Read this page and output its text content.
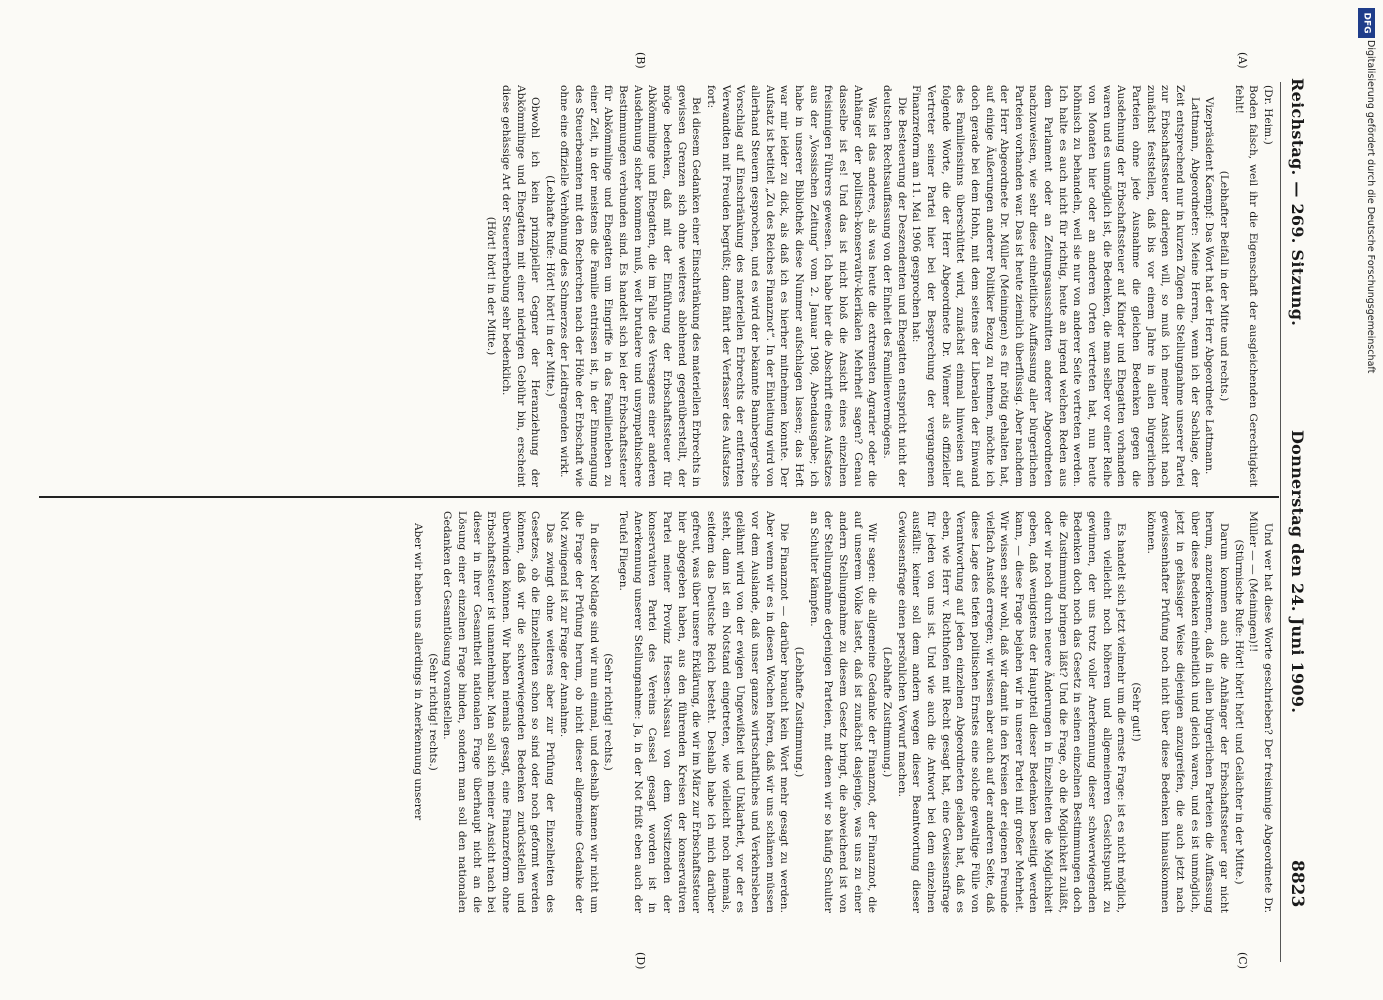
Reichstag. — 269. Sitzung.
Donnerstag den 24. Juni 1909.
8823
(A)
(B)
(C)
(D)

(Dr. Heim.)

Boden falsch, weil ihr die Eigenschaft der ausgleichenden Gerechtigkeit fehlt!

(Lebhafter Beifall in der Mitte und rechts.)

Vizepräsident Kaempf: Das Wort hat der Herr Abgeordnete Lattmann.

Lattmann, Abgeordneter: Meine Herren, wenn ich der Sachlage, der Zeit entsprechend nur in kurzen Zügen die Stellungnahme unserer Partei zur Erbschaftssteuer darlegen will, so muß ich meiner Ansicht nach zunächst feststellen, daß bis vor einem Jahre in allen bürgerlichen Parteien ohne jede Ausnahme die gleichen Bedenken gegen die Ausdehnung der Erbschaftssteuer auf Kinder und Ehegatten vorhanden waren und es unmöglich ist, die Bedenken, die man selber vor einer Reihe von Monaten hier oder an anderen Orten vertreten hat, nun heute höhnisch zu behandeln, weil sie nur von anderer Seite vertreten werden. Ich halte es auch nicht für richtig, heute an irgend welchen Reden aus dem Parlament oder an Zeitungsausschnitten anderer Abgeordneten nachzuweisen, wie sehr diese einheitliche Auffassung aller bürgerlichen Parteien vorhanden war. Das ist heute ziemlich überflüssig. Aber nachdem der Herr Abgeordnete Dr. Müller (Meiningen) es für nötig gehalten hat, auf einige Äußerungen anderer Politiker Bezug zu nehmen, möchte ich doch gerade bei dem Hohn, mit dem seitens der Liberalen der Einwand des Familiensinns überschüttet wird, zunächst einmal hinweisen auf folgende Worte, die der Herr Abgeordnete Dr. Wiemer als offizieller Vertreter seiner Partei hier bei der Besprechung der vergangenen Finanzreform am 11. Mai 1906 gesprochen hat:

Die Besteuerung der Deszendenten und Ehegatten entspricht nicht der deutschen Rechtsauffassung von der Einheit des Familienvermögens.

Was ist das anderes, als was heute die extremsten Agrarier oder die Anhänger der politisch-konservativ-klerikalen Mehrheit sagen? Genau dasselbe ist es! Und das ist nicht bloß die Ansicht eines einzelnen freisinnigen Führers gewesen. Ich habe hier die Abschrift eines Aufsatzes aus der „Vossischen Zeitung“ vom 2. Januar 1908, Abendausgabe; ich habe in unserer Bibliothek diese Nummer aufschlagen lassen; das Heft war mir leider zu dick, als daß ich es hierher mitnehmen konnte. Der Aufsatz ist betitelt „Zu des Reiches Finanznot“. In der Einleitung wird von allerhand Steuern gesprochen, und es wird der bekannte Bamberger'sche Vorschlag auf Einschränkung des materiellen Erbrechts der entfernten Verwandten mit Freuden begrüßt; dann fährt der Verfasser des Aufsatzes fort:

Bei diesem Gedanken einer Einschränkung des materiellen Erbrechts in gewissen Grenzen sich ohne weiteres ablehnend gegenüberstellt, der möge bedenken, daß mit der Einführung der Erbschaftssteuer für Abkömmlinge und Ehegatten, die im Falle des Versagens einer anderen Ausdehnung sicher kommen muß, weit brutalere und unsympathischere Bestimmungen verbunden sind. Es handelt sich bei der Erbschaftssteuer für Abkömmlinge und Ehegatten um Eingriffe in das Familienleben zu einer Zeit, in der meistens die Familie entrissen ist, in der Einmengung des Steuerbeamten mit den Recherchen nach der Höhe der Erbschaft wie ohne eine offizielle Verhöhnung des Schmerzes der Leidtragenden wirkt.

(Lebhafte Rufe: Hört! hört! in der Mitte.)

Obwohl ich kein prinzipieller Gegner der Heranziehung der Abkömmlinge und Ehegatten mit einer niedrigen Gebühr bin, erscheint diese gehässige Art der Steuererhebung sehr bedenklich.

(Hört! hört! in der Mitte.)

Und wer hat diese Worte geschrieben? Der freisinnige Abgeordnete Dr. Müller — — (Meiningen)!!

(Stürmische Rufe: Hört! hört! hört! und Gelächter in der Mitte.)

Darum kommen auch die Anhänger der Erbschaftssteuer gar nicht herum, anzuerkennen, daß in allen bürgerlichen Parteien die Auffassung über diese Bedenken einheitlich und gleich waren, und es ist unmöglich, jetzt in gehässiger Weise diejenigen anzugreifen, die auch jetzt nach gewissenhafter Prüfung noch nicht über diese Bedenken hinauskommen können.

(Sehr gut!)

Es handelt sich jetzt vielmehr um die ernste Frage: ist es nicht möglich, einen vielleicht noch höheren und allgemeineren Gesichtspunkt zu gewinnen, der uns trotz voller Anerkennung dieser schwerwiegenden Bedenken doch noch das Gesetz in seinen einzelnen Bestimmungen doch die Zustimmung bringen läßt? Und die Frage, ob die Möglichkeit zuläßt, oder wir noch durch neuere Änderungen in Einzelheiten die Möglichkeit geben, daß wenigstens der Hauptteil dieser Bedenken beseitigt werden kann, — diese Frage bejahen wir in unserer Partei mit großer Mehrheit. Wir wissen sehr wohl, daß wir damit in den Kreisen der eigenen Freunde vielfach Anstoß erregen; wir wissen aber auch auf der anderen Seite, daß diese Lage des tiefen politischen Ernstes eine solche gewaltige Fülle von Verantwortung auf jeden einzelnen Abgeordneten geladen hat, daß es eben, wie Herr v. Richthofen mit Recht gesagt hat, eine Gewissensfrage für jeden von uns ist. Und wie auch die Antwort bei dem einzelnen ausfällt: keiner soll dem andern wegen dieser Beantwortung dieser Gewissensfrage einen persönlichen Vorwurf machen.

(Lebhafte Zustimmung.)

Wir sagen: die allgemeine Gedanke der Finanznot, der Finanznot, die auf unserem Volke lastet, daß ist zunächst dasjenige, was uns zu einer andern Stellungnahme zu diesem Gesetz bringt, die abweichend ist von der Stellungnahme derjenigen Parteien, mit denen wir so häufig Schulter an Schulter kämpfen.

(Lebhafte Zustimmung.)

Die Finanznot — darüber braucht kein Wort mehr gesagt zu werden. Aber wenn wir es in diesen Wochen hören, daß wir uns schämen müssen vor dem Auslande, daß unser ganzes wirtschaftliches und Verkehrsleben gelähmt wird von der ewigen Ungewißheit und Unklarheit, vor der es steht, dann ist ein Notstand eingetreten, wie vielleicht noch niemals, seitdem das Deutsche Reich besteht. Deshalb habe ich mich darüber gefreut, was über unsere Erklärung, die wir im März zur Erbschaftssteuer hier abgegeben haben, aus den führenden Kreisen der konservativen Partei meiner Provinz Hessen-Nassau von dem Vorsitzenden der konservativen Partei des Vereins Cassel gesagt worden ist in Anerkennung unserer Stellungnahme: Ja, in der Not frißt eben auch der Teufel Fliegen.

(Sehr richtig! rechts.)

In dieser Notlage sind wir nun einmal, und deshalb kamen wir nicht um die Frage der Prüfung herum, ob nicht dieser allgemeine Gedanke der Not zwingend ist zur Frage der Annahme.

Das zwingt ohne weiteres aber zur Prüfung der Einzelheiten des Gesetzes, ob die Einzelheiten schon so sind oder noch geformt werden können, daß wir die schwerwiegenden Bedenken zurückstellen und überwinden können. Wir haben niemals gesagt, eine Finanzreform ohne Erbschaftssteuer ist unannehmbar. Man soll sich meiner Ansicht nach bei dieser in ihrer Gesamtheit nationalen Frage überhaupt nicht an die Lösung einer einzelnen Frage binden, sondern man soll den nationalen Gedanken der Gesamtlösung voranstellen.

(Sehr richtig! rechts.)

Aber wir haben uns allerdings in Anerkennung unserer

DFG
Digitalisierung gefördert durch die Deutsche Forschungsgemeinschaft
